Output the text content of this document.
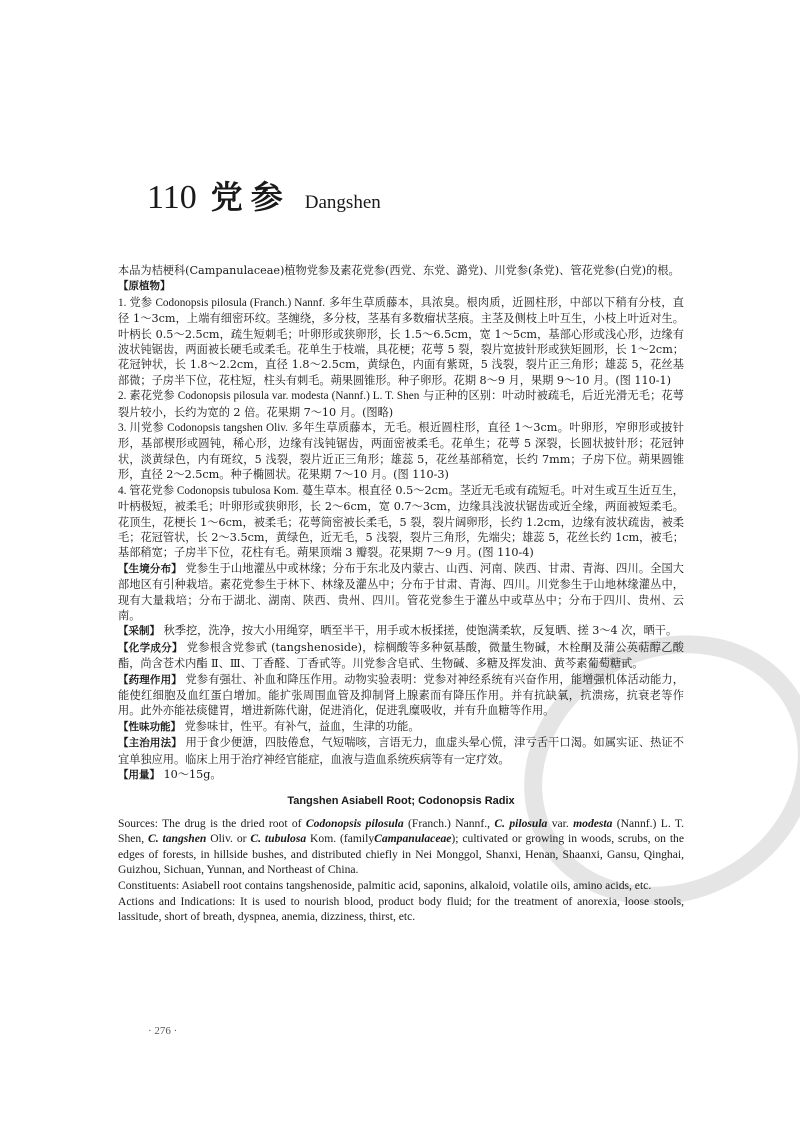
110 党参 Dangshen

本品为桔梗科(Campanulaceae)植物党参及素花党参(西党、东党、潞党)、川党参(条党)、管花党参(白党)的根。

【原植物】

1. 党参 Codonopsis pilosula (Franch.) Nannf. 多年生草质藤本，具浓臭。根肉质，近圆柱形，中部以下稍有分枝，直径 1～3cm，上端有细密环纹。茎缠绕，多分枝，茎基有多数瘤状茎痕。主茎及侧枝上叶互生，小枝上叶近对生。叶柄长 0.5～2.5cm，疏生短刺毛；叶卵形或狭卵形，长 1.5～6.5cm，宽 1～5cm，基部心形或浅心形，边缘有波状钝锯齿，两面被长硬毛或柔毛。花单生于枝端，具花梗；花萼 5 裂，裂片宽披针形或狭矩圆形，长 1～2cm；花冠钟状，长 1.8～2.2cm，直径 1.8～2.5cm，黄绿色，内面有紫斑，5 浅裂，裂片正三角形；雄蕊 5，花丝基部微；子房半下位，花柱短，柱头有刺毛。蒴果圆锥形。种子卵形。花期 8～9 月，果期 9～10 月。(图 110-1)

2. 素花党参 Codonopsis pilosula var. modesta (Nannf.) L. T. Shen 与正种的区别：叶动时被疏毛，后近光滑无毛；花萼裂片较小，长约为宽的 2 倍。花果期 7～10 月。(图略)

3. 川党参 Codonopsis tangshen Oliv. 多年生草质藤本，无毛。根近圆柱形，直径 1～3cm。叶卵形，窄卵形或披针形，基部楔形或圆钝，稀心形，边缘有浅钝锯齿，两面密被柔毛。花单生；花萼 5 深裂，长圆状披针形；花冠钟状，淡黄绿色，内有斑纹，5 浅裂，裂片近正三角形；雄蕊 5，花丝基部稍宽，长约 7mm；子房下位。蒴果圆锥形，直径 2～2.5cm。种子椭圆状。花果期 7～10 月。(图 110-3)

4. 管花党参 Codonopsis tubulosa Kom. 蔓生草本。根直径 0.5～2cm。茎近无毛或有疏短毛。叶对生或互生近互生，叶柄极短，被柔毛；叶卵形或狭卵形，长 2～6cm，宽 0.7～3cm，边缘具浅波状锯齿或近全缘，两面被短柔毛。花顶生，花梗长 1～6cm，被柔毛；花萼筒密被长柔毛，5 裂，裂片阔卵形，长约 1.2cm，边缘有波状疏齿，被柔毛；花冠管状，长 2～3.5cm，黄绿色，近无毛，5 浅裂，裂片三角形，先端尖；雄蕊 5，花丝长约 1cm，被毛；基部稍宽；子房半下位，花柱有毛。蒴果顶端 3 瓣裂。花果期 7～9 月。(图 110-4)

【生境分布】 党参生于山地灌丛中或林缘；分布于东北及内蒙古、山西、河南、陕西、甘肃、青海、四川。全国大部地区有引种栽培。素花党参生于林下、林缘及灌丛中；分布于甘肃、青海、四川。川党参生于山地林缘灌丛中，现有大量栽培；分布于湖北、湖南、陕西、贵州、四川。管花党参生于灌丛中或草丛中；分布于四川、贵州、云南。

【采制】 秋季挖，洗净，按大小用绳穿，晒至半干，用手或木板揉搓，使饱满柔软，反复晒、搓 3～4 次，晒干。

【化学成分】 党参根含党参甙 (tangshenoside)，棕榈酸等多种氨基酸，微量生物碱，木栓酮及蒲公英萜醇乙酸酯，尚含苍术内酯 Ⅱ、Ⅲ、丁香醛、丁香甙等。川党参含皂甙、生物碱、多糖及挥发油、黄芩素葡萄糖甙。

【药理作用】 党参有强壮、补血和降压作用。动物实验表明：党参对神经系统有兴奋作用，能增强机体活动能力，能使红细胞及血红蛋白增加。能扩张周围血管及抑制肾上腺素而有降压作用。并有抗缺氧，抗溃疡，抗衰老等作用。此外亦能祛痰健胃，增进新陈代谢，促进消化，促进乳糜吸收，并有升血糖等作用。

【性味功能】 党参味甘，性平。有补气，益血，生津的功能。

【主治用法】 用于食少便溏，四肢倦怠，气短喘咳，言语无力，血虚头晕心慌，津亏舌干口渴。如属实证、热证不宜单独应用。临床上用于治疗神经官能症，血液与造血系统疾病等有一定疗效。

【用量】 10～15g。

Tangshen Asiabell Root; Codonopsis Radix

Sources: The drug is the dried root of Codonopsis pilosula (Franch.) Nannf., C. pilosula var. modesta (Nannf.) L. T. Shen, C. tangshen Oliv. or C. tubulosa Kom. (familyCampanulaceae); cultivated or growing in woods, scrubs, on the edges of forests, in hillside bushes, and distributed chiefly in Nei Monggol, Shanxi, Henan, Shaanxi, Gansu, Qinghai, Guizhou, Sichuan, Yunnan, and Northeast of China.

Constituents: Asiabell root contains tangshenoside, palmitic acid, saponins, alkaloid, volatile oils, amino acids, etc.

Actions and Indications: It is used to nourish blood, product body fluid; for the treatment of anorexia, loose stools, lassitude, short of breath, dyspnea, anemia, dizziness, thirst, etc.

· 276 ·
